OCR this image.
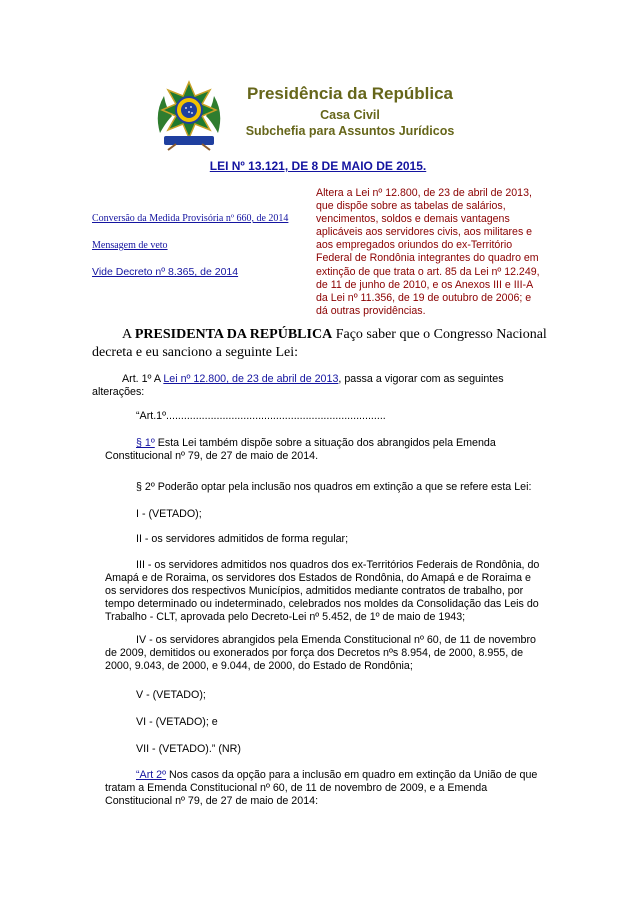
Presidência da República
Casa Civil
Subchefia para Assuntos Jurídicos
LEI Nº 13.121, DE 8 DE MAIO DE 2015.
Conversão da Medida Provisória nº 660, de 2014
Mensagem de veto
Vide Decreto nº 8.365, de 2014
Altera a Lei nº 12.800, de 23 de abril de 2013,
que dispõe sobre as tabelas de salários,
vencimentos, soldos e demais vantagens
aplicáveis aos servidores civis, aos militares e
aos empregados oriundos do ex-Território
Federal de Rondônia integrantes do quadro em
extinção de que trata o art. 85 da Lei nº 12.249,
de 11 de junho de 2010, e os Anexos III e III-A
da Lei nº 11.356, de 19 de outubro de 2006; e
dá outras providências.
A PRESIDENTA DA REPÚBLICA Faço saber que o Congresso Nacional
decreta e eu sanciono a seguinte Lei:
Art. 1º A Lei nº 12.800, de 23 de abril de 2013, passa a vigorar com as seguintes
alterações:
“Art.1º..........................................................................
§ 1º Esta Lei também dispõe sobre a situação dos abrangidos pela Emenda
Constitucional nº 79, de 27 de maio de 2014.
§ 2º Poderão optar pela inclusão nos quadros em extinção a que se refere esta Lei:
I - (VETADO);
II - os servidores admitidos de forma regular;
III - os servidores admitidos nos quadros dos ex-Territórios Federais de Rondônia, do
Amapá e de Roraima, os servidores dos Estados de Rondônia, do Amapá e de Roraima e
os servidores dos respectivos Municípios, admitidos mediante contratos de trabalho, por
tempo determinado ou indeterminado, celebrados nos moldes da Consolidação das Leis do
Trabalho - CLT, aprovada pelo Decreto-Lei nº 5.452, de 1º de maio de 1943;
IV - os servidores abrangidos pela Emenda Constitucional nº 60, de 11 de novembro
de 2009, demitidos ou exonerados por força dos Decretos nºs 8.954, de 2000, 8.955, de
2000, 9.043, de 2000, e 9.044, de 2000, do Estado de Rondônia;
V - (VETADO);
VI - (VETADO); e
VII - (VETADO).” (NR)
“Art 2º Nos casos da opção para a inclusão em quadro em extinção da União de que
tratam a Emenda Constitucional nº 60, de 11 de novembro de 2009, e a Emenda
Constitucional nº 79, de 27 de maio de 2014:
